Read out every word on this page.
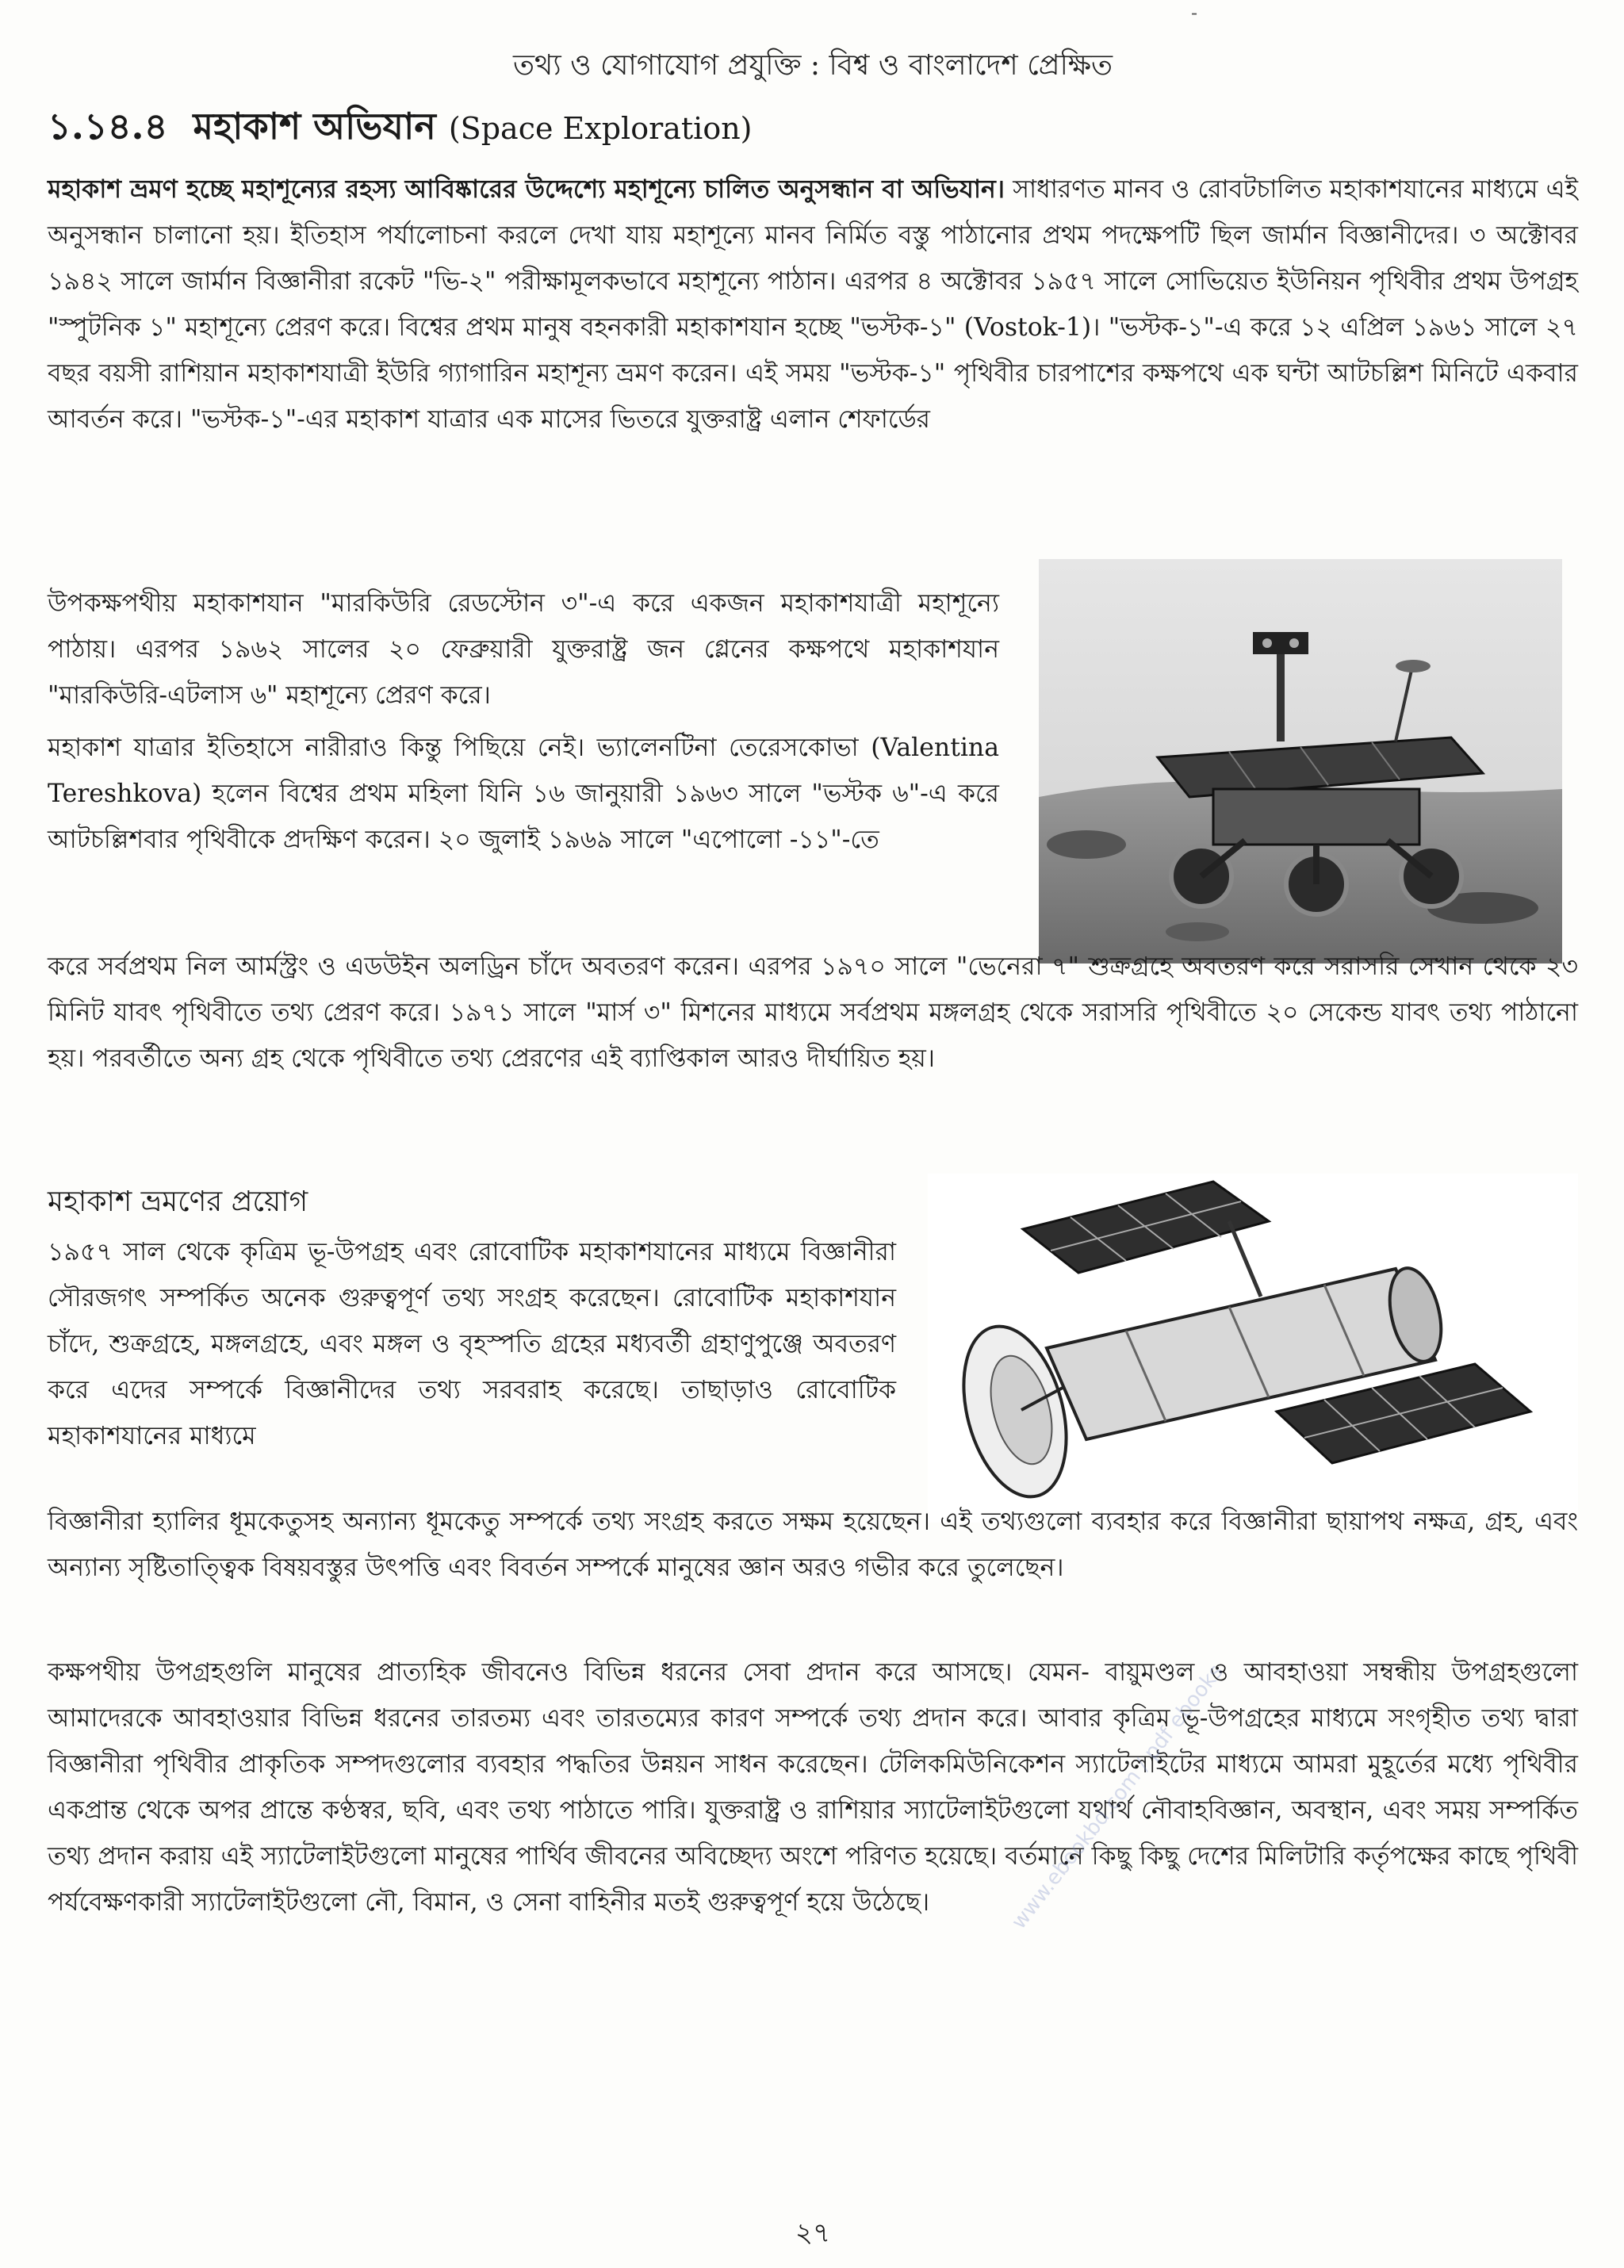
-
তথ্য ও যোগাযোগ প্রযুক্তি : বিশ্ব ও বাংলাদেশ প্রেক্ষিত
১.১৪.৪ মহাকাশ অভিযান (Space Exploration)

মহাকাশ ভ্রমণ হচ্ছে মহাশূন্যের রহস্য আবিষ্কারের উদ্দেশ্যে মহাশূন্যে চালিত অনুসন্ধান বা অভিযান। সাধারণত মানব ও রোবটচালিত মহাকাশযানের মাধ্যমে এই অনুসন্ধান চালানো হয়। ইতিহাস পর্যালোচনা করলে দেখা যায় মহাশূন্যে মানব নির্মিত বস্তু পাঠানোর প্রথম পদক্ষেপটি ছিল জার্মান বিজ্ঞানীদের। ৩ অক্টোবর ১৯৪২ সালে জার্মান বিজ্ঞানীরা রকেট "ভি-২" পরীক্ষামূলকভাবে মহাশূন্যে পাঠান। এরপর ৪ অক্টোবর ১৯৫৭ সালে সোভিয়েত ইউনিয়ন পৃথিবীর প্রথম উপগ্রহ "স্পুটনিক ১" মহাশূন্যে প্রেরণ করে। বিশ্বের প্রথম মানুষ বহনকারী মহাকাশযান হচ্ছে "ভস্টক-১" (Vostok-1)। "ভস্টক-১"-এ করে ১২ এপ্রিল ১৯৬১ সালে ২৭ বছর বয়সী রাশিয়ান মহাকাশযাত্রী ইউরি গ্যাগারিন মহাশূন্য ভ্রমণ করেন। এই সময় "ভস্টক-১" পৃথিবীর চারপাশের কক্ষপথে এক ঘন্টা আটচল্লিশ মিনিটে একবার আবর্তন করে। "ভস্টক-১"-এর মহাকাশ যাত্রার এক মাসের ভিতরে যুক্তরাষ্ট্র এলান শেফার্ডের

উপকক্ষপথীয় মহাকাশযান "মারকিউরি রেডস্টোন ৩"-এ করে একজন মহাকাশযাত্রী মহাশূন্যে পাঠায়। এরপর ১৯৬২ সালের ২০ ফেব্রুয়ারী যুক্তরাষ্ট্র জন গ্লেনের কক্ষপথে মহাকাশযান "মারকিউরি-এটলাস ৬" মহাশূন্যে প্রেরণ করে।

মহাকাশ যাত্রার ইতিহাসে নারীরাও কিন্তু পিছিয়ে নেই। ভ্যালেনটিনা তেরেসকোভা (Valentina Tereshkova) হলেন বিশ্বের প্রথম মহিলা যিনি ১৬ জানুয়ারী ১৯৬৩ সালে "ভস্টক ৬"-এ করে আটচল্লিশবার পৃথিবীকে প্রদক্ষিণ করেন। ২০ জুলাই ১৯৬৯ সালে "এপোলো -১১"-তে

করে সর্বপ্রথম নিল আর্মস্ট্রং ও এডউইন অলড্রিন চাঁদে অবতরণ করেন। এরপর ১৯৭০ সালে "ভেনেরা ৭" শুক্রগ্রহে অবতরণ করে সরাসরি সেখান থেকে ২৩ মিনিট যাবৎ পৃথিবীতে তথ্য প্রেরণ করে। ১৯৭১ সালে "মার্স ৩" মিশনের মাধ্যমে সর্বপ্রথম মঙ্গলগ্রহ থেকে সরাসরি পৃথিবীতে ২০ সেকেন্ড যাবৎ তথ্য পাঠানো হয়। পরবর্তীতে অন্য গ্রহ থেকে পৃথিবীতে তথ্য প্রেরণের এই ব্যাপ্তিকাল আরও দীর্ঘায়িত হয়।

মহাকাশ ভ্রমণের প্রয়োগ

১৯৫৭ সাল থেকে কৃত্রিম ভূ-উপগ্রহ এবং রোবোটিক মহাকাশযানের মাধ্যমে বিজ্ঞানীরা সৌরজগৎ সম্পর্কিত অনেক গুরুত্বপূর্ণ তথ্য সংগ্রহ করেছেন। রোবোটিক মহাকাশযান চাঁদে, শুক্রগ্রহে, মঙ্গলগ্রহে, এবং মঙ্গল ও বৃহস্পতি গ্রহের মধ্যবর্তী গ্রহাণুপুঞ্জে অবতরণ করে এদের সম্পর্কে বিজ্ঞানীদের তথ্য সরবরাহ করেছে। তাছাড়াও রোবোটিক মহাকাশযানের মাধ্যমে

বিজ্ঞানীরা হ্যালির ধূমকেতুসহ অন্যান্য ধূমকেতু সম্পর্কে তথ্য সংগ্রহ করতে সক্ষম হয়েছেন। এই তথ্যগুলো ব্যবহার করে বিজ্ঞানীরা ছায়াপথ নক্ষত্র, গ্রহ, এবং অন্যান্য সৃষ্টিতাত্ত্বিক বিষয়বস্তুর উৎপত্তি এবং বিবর্তন সম্পর্কে মানুষের জ্ঞান অরও গভীর করে তুলেছেন।

কক্ষপথীয় উপগ্রহগুলি মানুষের প্রাত্যহিক জীবনেও বিভিন্ন ধরনের সেবা প্রদান করে আসছে। যেমন- বায়ুমণ্ডল ও আবহাওয়া সম্বন্ধীয় উপগ্রহগুলো আমাদেরকে আবহাওয়ার বিভিন্ন ধরনের তারতম্য এবং তারতম্যের কারণ সম্পর্কে তথ্য প্রদান করে। আবার কৃত্রিম ভূ-উপগ্রহের মাধ্যমে সংগৃহীত তথ্য দ্বারা বিজ্ঞানীরা পৃথিবীর প্রাকৃতিক সম্পদগুলোর ব্যবহার পদ্ধতির উন্নয়ন সাধন করেছেন। টেলিকমিউনিকেশন স্যাটেলাইটের মাধ্যমে আমরা মুহূর্তের মধ্যে পৃথিবীর একপ্রান্ত থেকে অপর প্রান্তে কণ্ঠস্বর, ছবি, এবং তথ্য পাঠাতে পারি। যুক্তরাষ্ট্র ও রাশিয়ার স্যাটেলাইটগুলো যথার্থ নৌবাহবিজ্ঞান, অবস্থান, এবং সময় সম্পর্কিত তথ্য প্রদান করায় এই স্যাটেলাইটগুলো মানুষের পার্থিব জীবনের অবিচ্ছেদ্য অংশে পরিণত হয়েছে। বর্তমানে কিছু কিছু দেশের মিলিটারি কর্তৃপক্ষের কাছে পৃথিবী পর্যবেক্ষণকারী স্যাটেলাইটগুলো নৌ, বিমান, ও সেনা বাহিনীর মতই গুরুত্বপূর্ণ হয়ে উঠেছে।

২৭
www.ebookbd.com / pdf ebooks
